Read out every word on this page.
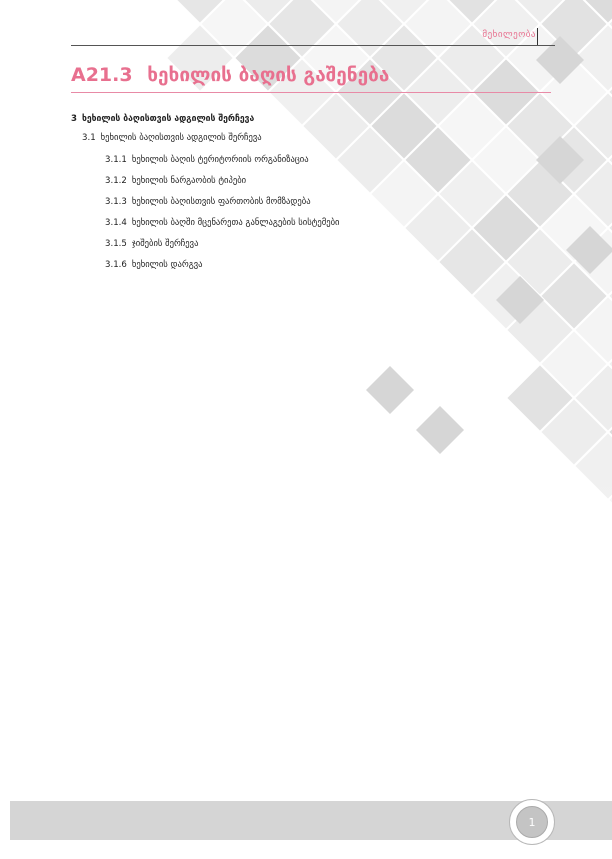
მეხილეობა
A21.3 ხეხილის ბაღის გაშენება
3 ხეხილის ბაღისთვის ადგილის შერჩევა
3.1 ხეხილის ბაღისთვის ადგილის შერჩევა
3.1.1 ხეხილის ბაღის ტერიტორიის ორგანიზაცია
3.1.2 ხეხილის ნარგაობის ტიპები
3.1.3 ხეხილის ბაღისთვის ფართობის მომზადება
3.1.4 ხეხილის ბაღში მცენარეთა განლაგების სისტემები
3.1.5 ჯიშების შერჩევა
3.1.6 ხეხილის დარგვა
1
